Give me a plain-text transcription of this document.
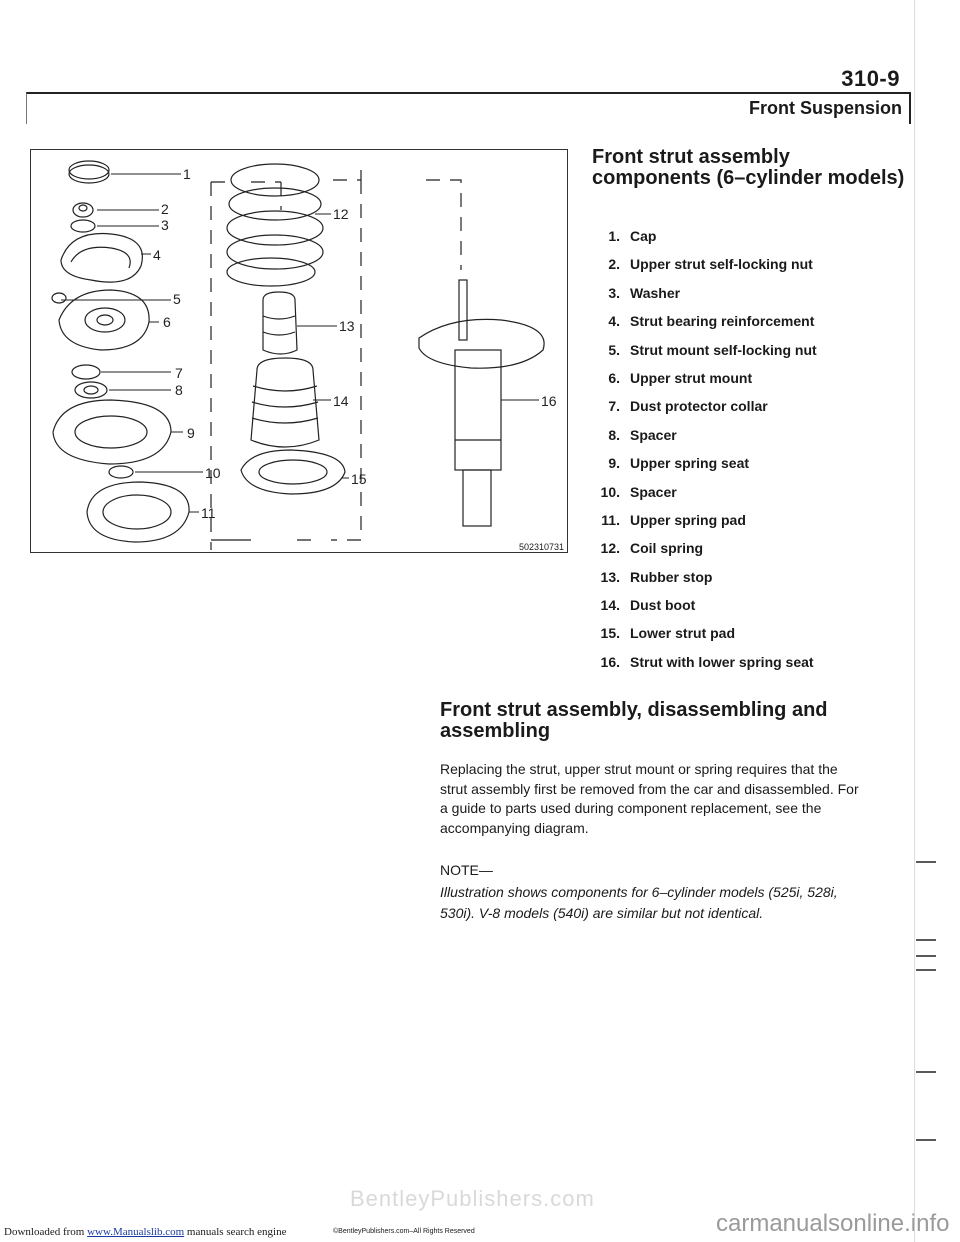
310-9
Front Suspension
1
2
3
4
5
6
7
8
9
10
11
12
13
14
15
16
502310731
Front strut assembly components (6–cylinder models)
1. Cap
2. Upper strut self-locking nut
3. Washer
4. Strut bearing reinforcement
5. Strut mount self-locking nut
6. Upper strut mount
7. Dust protector collar
8. Spacer
9. Upper spring seat
10. Spacer
11. Upper spring pad
12. Coil spring
13. Rubber stop
14. Dust boot
15. Lower strut pad
16. Strut with lower spring seat
Front strut assembly, disassembling and assembling
Replacing the strut, upper strut mount or spring requires that the strut assembly first be removed from the car and disassembled. For a guide to parts used during component replacement, see the accompanying diagram.
NOTE—
Illustration shows components for 6–cylinder models (525i, 528i, 530i). V-8 models (540i) are similar but not identical.
BentleyPublishers.com
Downloaded from www.Manualslib.com manuals search engine	©BentleyPublishers.com–All Rights Reserved	carmanualsonline.info
